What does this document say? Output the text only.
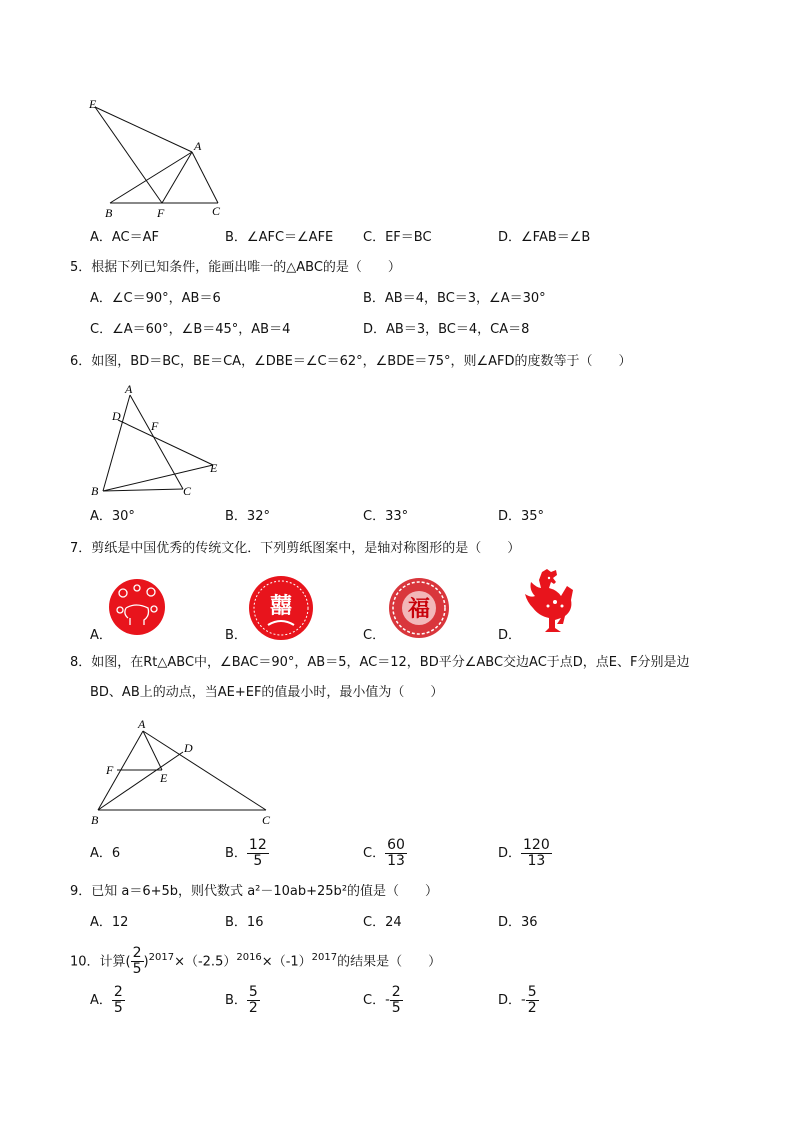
E
A
B	F	C
A．AC＝AF	B．∠AFC＝∠AFE C．EF＝BC	D．∠FAB＝∠B
5．根据下列已知条件，能画出唯一的△ABC的是（　　）
A．∠C＝90°，AB＝6	B．AB＝4，BC＝3，∠A＝30°
C．∠A＝60°，∠B＝45°，AB＝4	D．AB＝3，BC＝4，CA＝8
6．如图，BD＝BC，BE＝CA，∠DBE＝∠C＝62°，∠BDE＝75°，则∠AFD的度数等于（　　）
A
D
F
E
B	C
A．30°	B．32°	C．33°	D．35°
7．剪纸是中国优秀的传统文化．下列剪纸图案中，是轴对称图形的是（　　）
囍	福
A．	B．	C．	D．
8．如图，在Rt△ABC中，∠BAC＝90°，AB＝5，AC＝12，BD平分∠ABC交边AC于点D，点E、F分别是边
BD、AB上的动点，当AE+EF的值最小时，最小值为（　　）
A
D
F
E
B	C
A．6	B． $\frac{12}{5}$	C． $\frac{60}{13}$	D． $\frac{120}{13}$
9．已知 a＝6+5b，则代数式 a²－10ab+25b²的值是（　　）
A．12	B．16	C．24	D．36
10．计算( $\frac{2}{5} )^{2017}\times(-2.5)^{2016}\times(-1)^{2017}$的结果是（　　）
A． $\frac{2}{5}$	B． $\frac{5}{2}$	C．- $\frac{2}{5}$	D．- $\frac{5}{2}$
